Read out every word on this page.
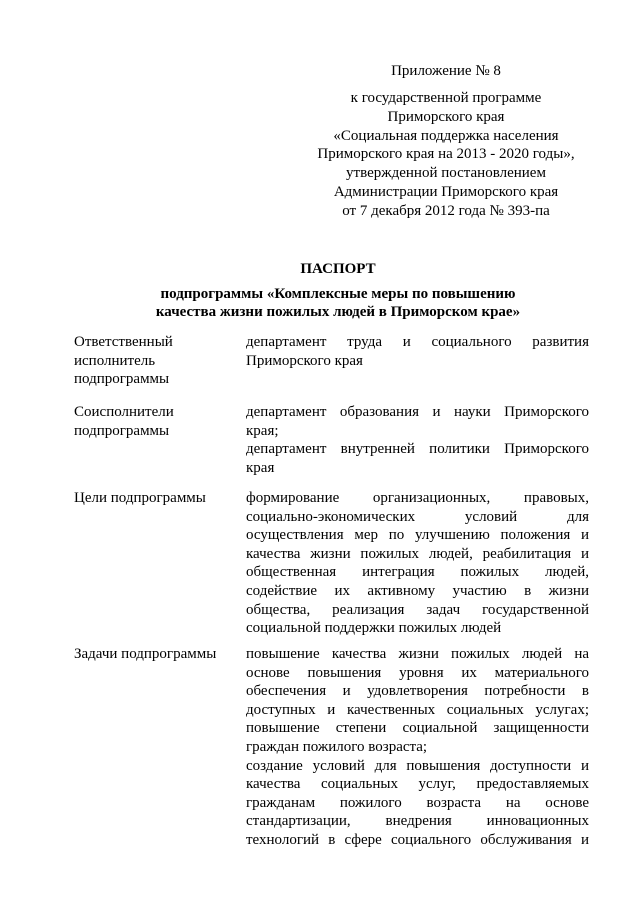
Приложение № 8
к государственной программе
Приморского края
«Социальная поддержка населения
Приморского края на 2013 - 2020 годы»,
утвержденной постановлением
Администрации Приморского края
от 7 декабря 2012 года № 393-па
ПАСПОРТ
подпрограммы «Комплексные меры по повышению
качества жизни пожилых людей в Приморском крае»
Ответственный
исполнитель
подпрограммы
департамент труда и социального развития
Приморского края
Соисполнители
подпрограммы
департамент образования и науки Приморского
края;
департамент внутренней политики Приморского
края
Цели подпрограммы	формирование организационных, правовых,
социально-экономических условий для
осуществления мер по улучшению положения и
качества жизни пожилых людей, реабилитация и
общественная интеграция пожилых людей,
содействие их активному участию в жизни
общества, реализация задач государственной
социальной поддержки пожилых людей
Задачи подпрограммы	повышение качества жизни пожилых людей на
основе повышения уровня их материального
обеспечения и удовлетворения потребности в
доступных и качественных социальных услугах;
повышение степени социальной защищенности
граждан пожилого возраста;
создание условий для повышения доступности и
качества социальных услуг, предоставляемых
гражданам пожилого возраста на основе
стандартизации, внедрения инновационных
технологий в сфере социального обслуживания и
